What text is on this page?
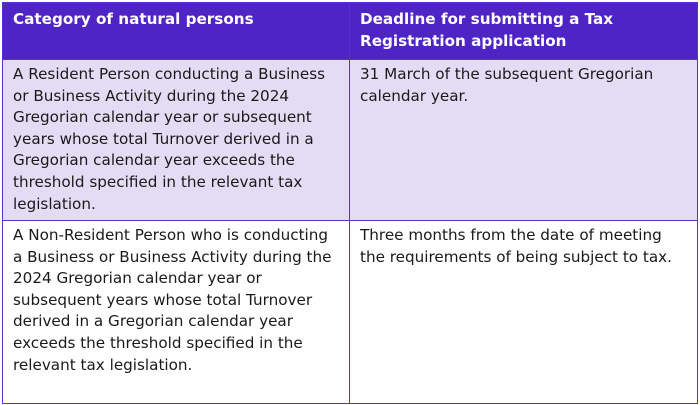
Category of natural persons	Deadline for submitting a Tax Registration application
A Resident Person conducting a Business or Business Activity during the 2024 Gregorian calendar year or subsequent years whose total Turnover derived in a Gregorian calendar year exceeds the threshold specified in the relevant tax legislation.	31 March of the subsequent Gregorian calendar year.
A Non-Resident Person who is conducting a Business or Business Activity during the 2024 Gregorian calendar year or subsequent years whose total Turnover derived in a Gregorian calendar year exceeds the threshold specified in the relevant tax legislation.	Three months from the date of meeting the requirements of being subject to tax.
